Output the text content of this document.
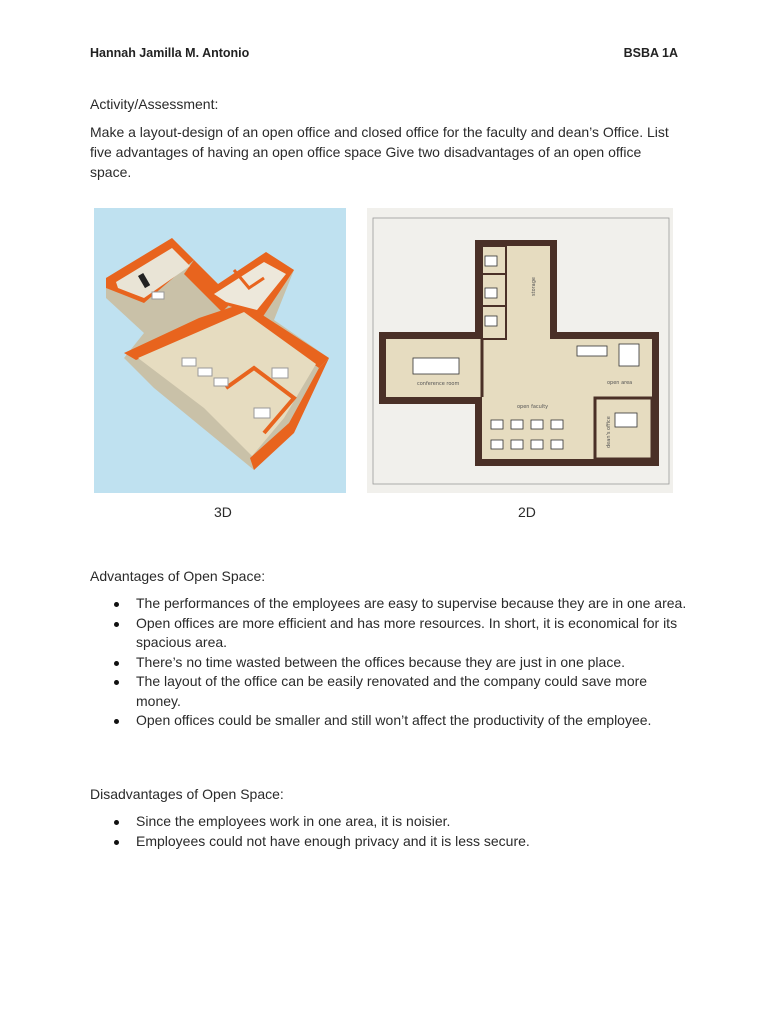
Hannah Jamilla M. Antonio	BSBA 1A
Activity/Assessment:
Make a layout-design of an open office and closed office for the faculty and dean’s Office. List five advantages of having an open office space Give two disadvantages of an open office space.
storage
conference room
dean's office
open area
open faculty
3D	2D
Advantages of Open Space:
The performances of the employees are easy to supervise because they are in one area.
Open offices are more efficient and has more resources. In short, it is economical for its spacious area.
There’s no time wasted between the offices because they are just in one place.
The layout of the office can be easily renovated and the company could save more money.
Open offices could be smaller and still won’t affect the productivity of the employee.
Disadvantages of Open Space:
Since the employees work in one area, it is noisier.
Employees could not have enough privacy and it is less secure.
